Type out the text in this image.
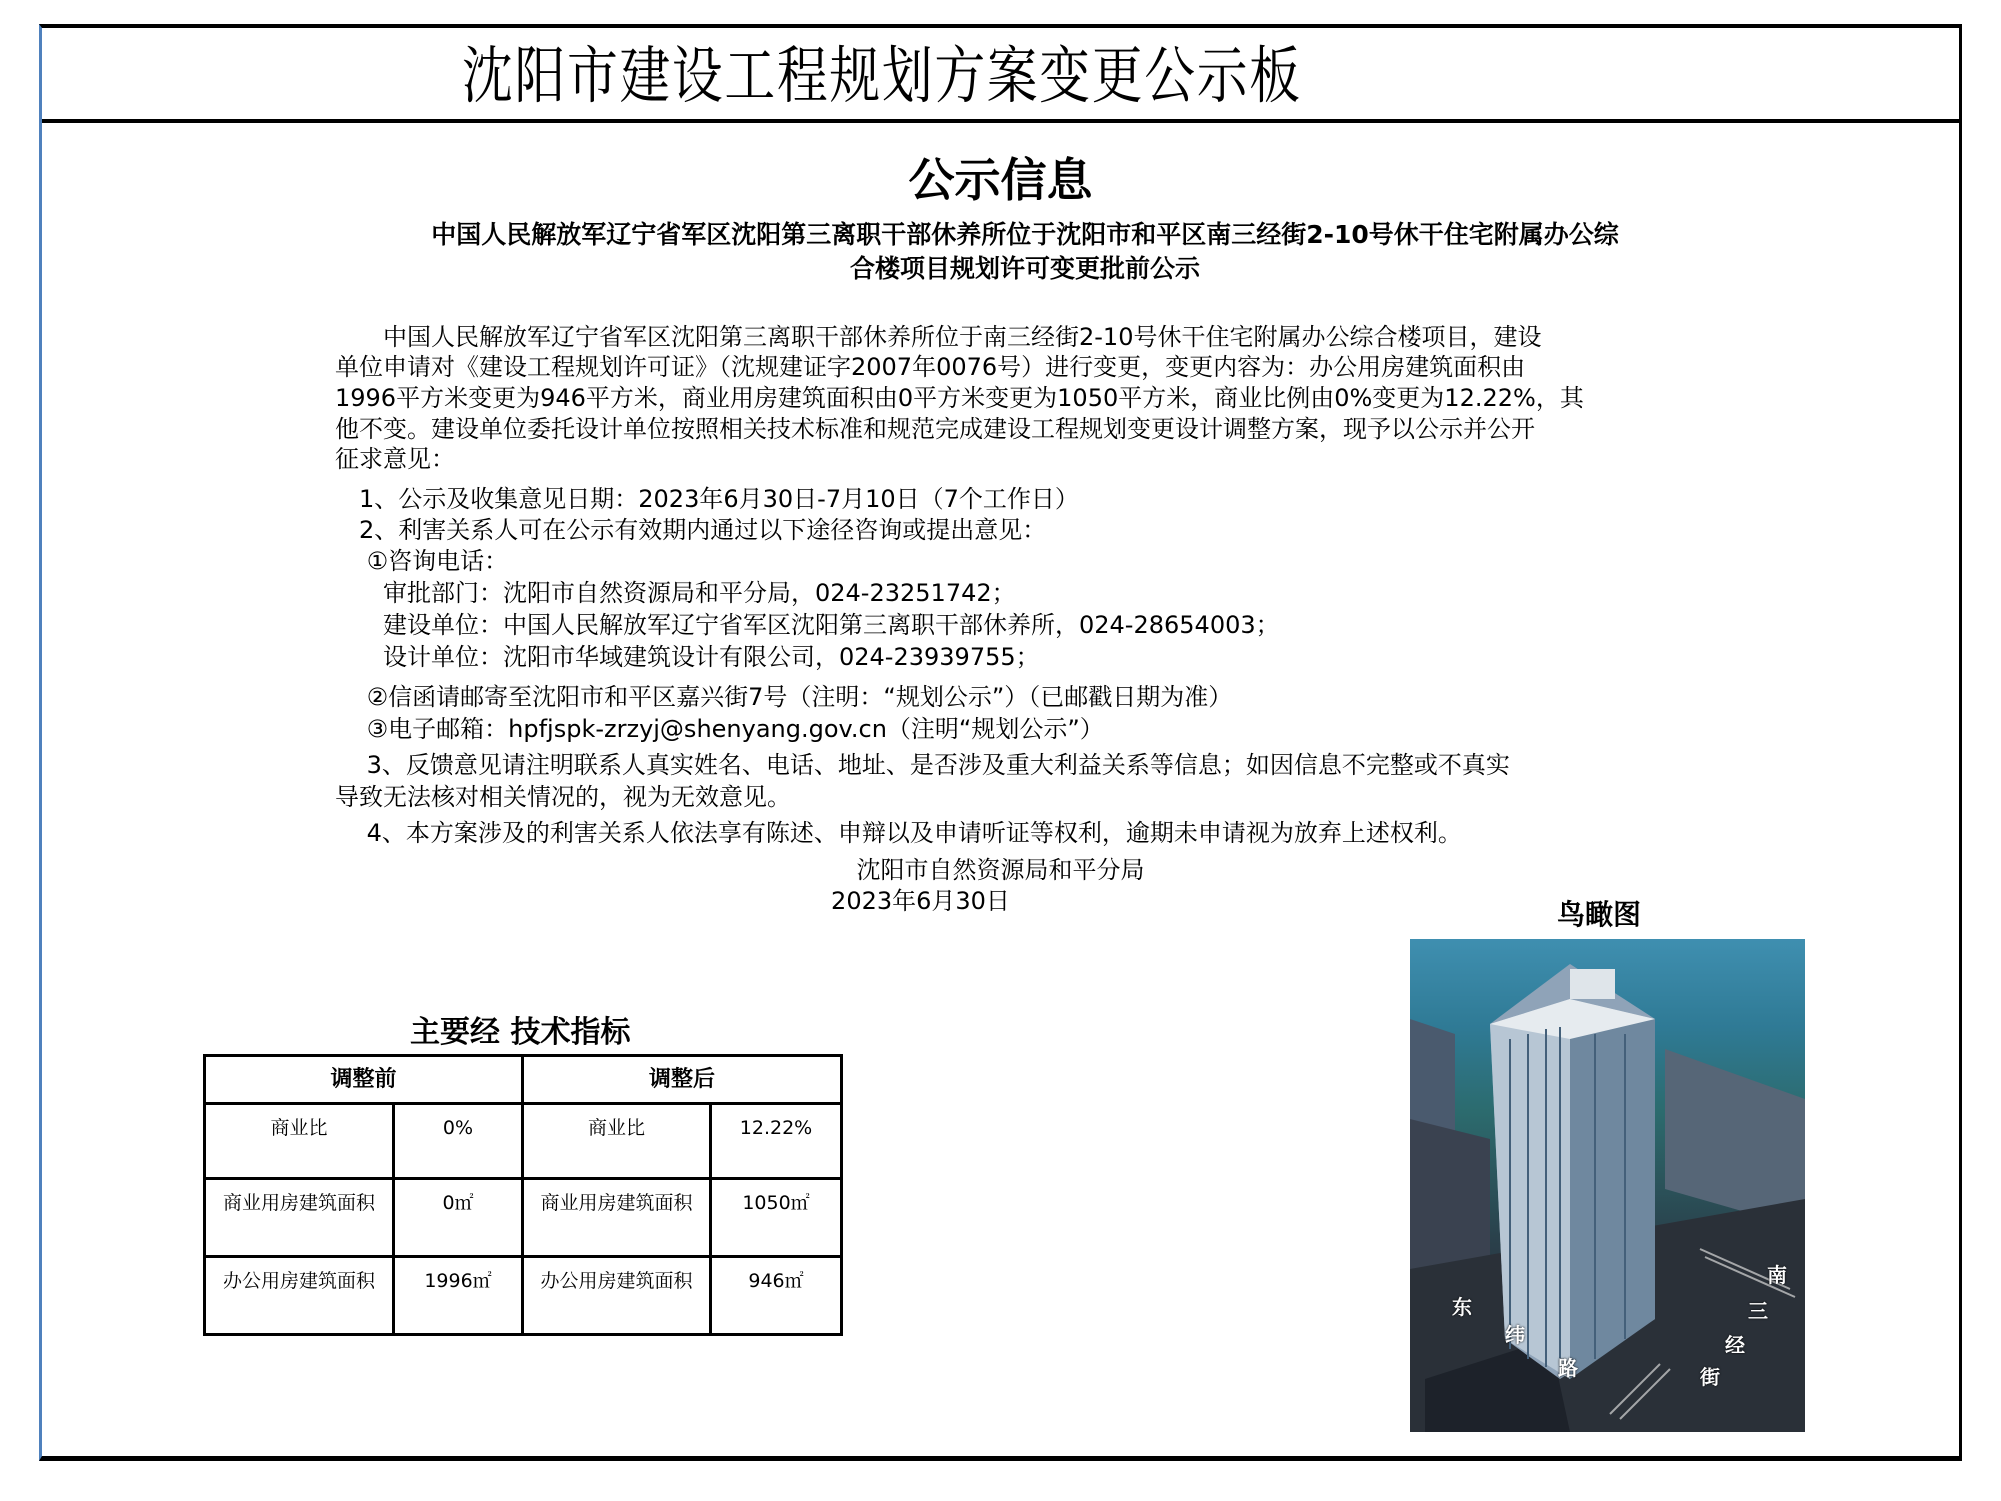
沈阳市建设工程规划方案变更公示板
公示信息
中国人民解放军辽宁省军区沈阳第三离职干部休养所位于沈阳市和平区南三经街2-10号休干住宅附属办公综
合楼项目规划许可变更批前公示
　　中国人民解放军辽宁省军区沈阳第三离职干部休养所位于南三经街2-10号休干住宅附属办公综合楼项目，建设
单位申请对《建设工程规划许可证》（沈规建证字2007年0076号）进行变更，变更内容为：办公用房建筑面积由
1996平方米变更为946平方米，商业用房建筑面积由0平方米变更为1050平方米，商业比例由0%变更为12.22%，其
他不变。建设单位委托设计单位按照相关技术标准和规范完成建设工程规划变更设计调整方案，现予以公示并公开
征求意见：
　1、公示及收集意见日期：2023年6月30日-7月10日（7个工作日）
　2、利害关系人可在公示有效期内通过以下途径咨询或提出意见：
　 ①咨询电话：
　　审批部门：沈阳市自然资源局和平分局，024-23251742；
　　建设单位：中国人民解放军辽宁省军区沈阳第三离职干部休养所，024-28654003；
　　设计单位：沈阳市华域建筑设计有限公司，024-23939755；
　 ②信函请邮寄至沈阳市和平区嘉兴街7号（注明：“规划公示”）（已邮戳日期为准）
　 ③电子邮箱：hpfjspk-zrzyj@shenyang.gov.cn（注明“规划公示”）
　 3、反馈意见请注明联系人真实姓名、电话、地址、是否涉及重大利益关系等信息；如因信息不完整或不真实
导致无法核对相关情况的，视为无效意见。
　 4、本方案涉及的利害关系人依法享有陈述、申辩以及申请听证等权利，逾期未申请视为放弃上述权利。
沈阳市自然资源局和平分局
2023年6月30日
主要经 技术指标
调整前		调整后	
商业比	0%	商业比	12.22%
商业用房建筑面积	0㎡	商业用房建筑面积	1050㎡
办公用房建筑面积	1996㎡	办公用房建筑面积	946㎡
鸟瞰图
东
纬
路
南
三
经
街
